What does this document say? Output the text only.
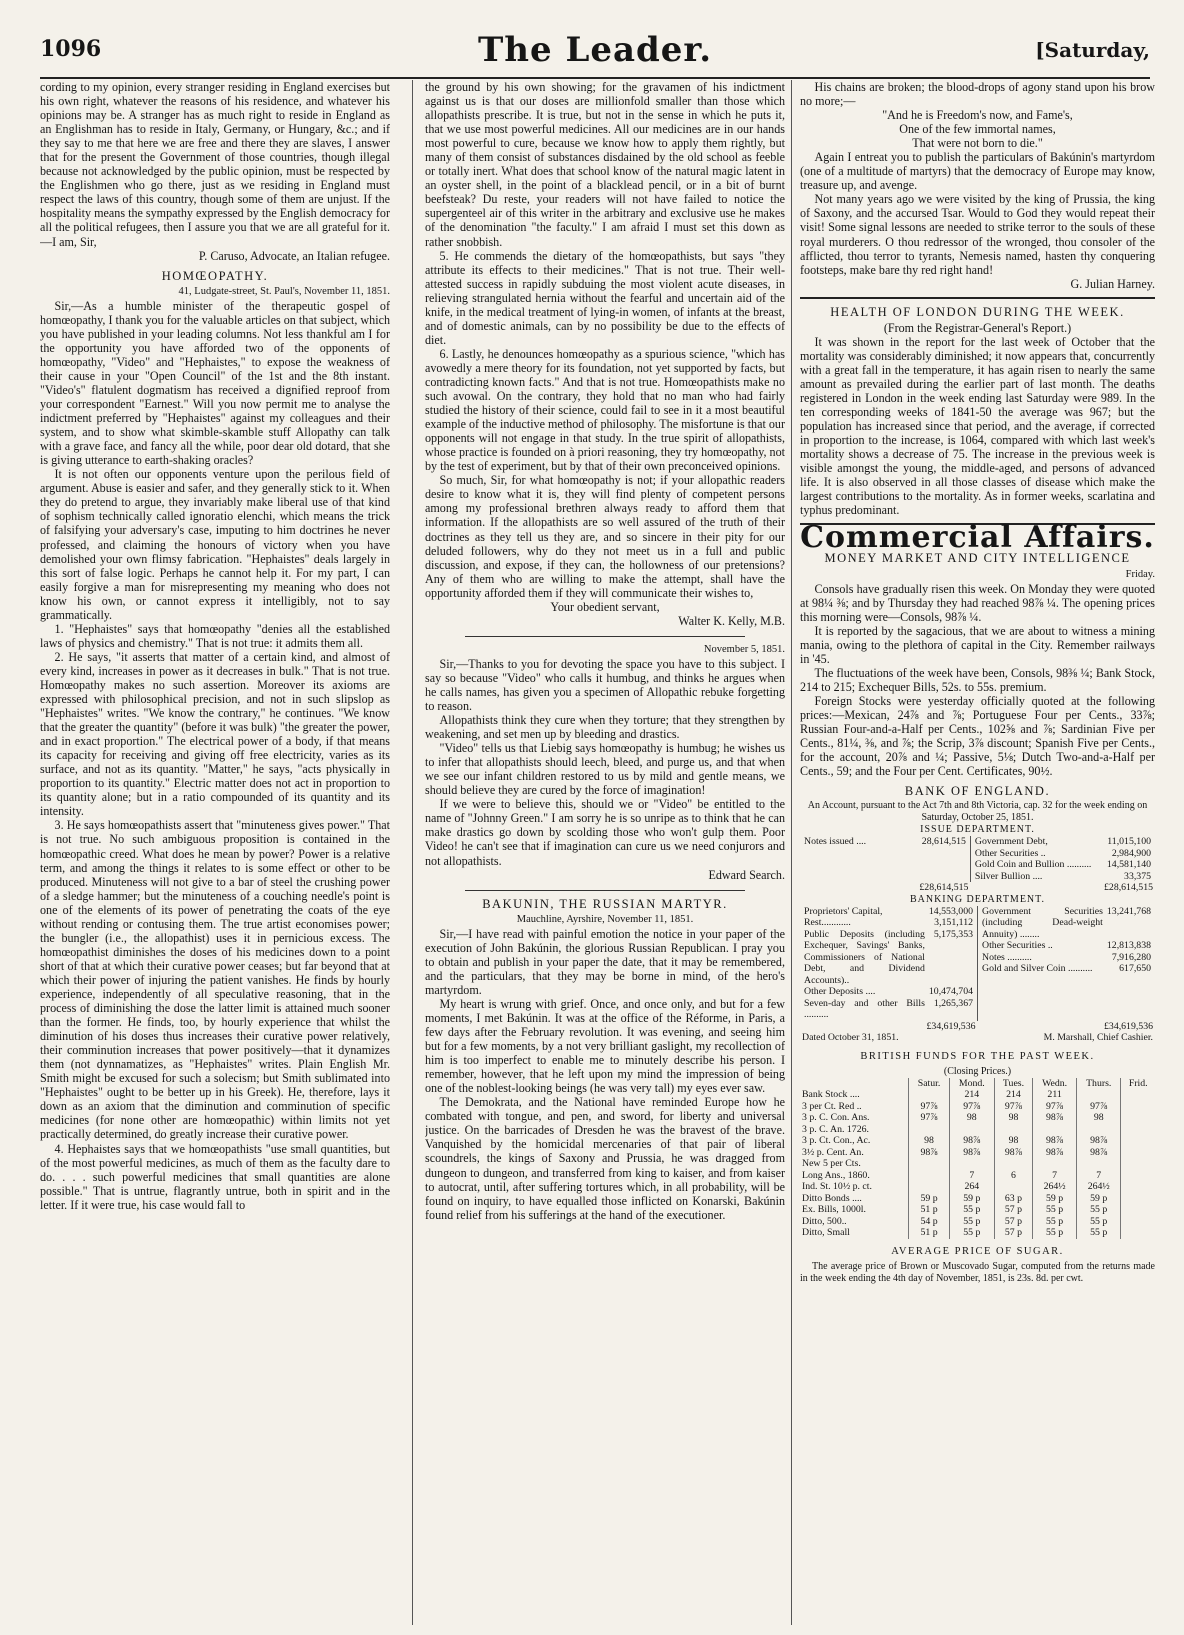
1096	The Leader.	[Saturday,

cording to my opinion, every stranger residing in England exercises but his own right, whatever the reasons of his residence, and whatever his opinions may be. A stranger has as much right to reside in England as an Englishman has to reside in Italy, Germany, or Hungary, &c.; and if they say to me that here we are free and there they are slaves, I answer that for the present the Government of those countries, though illegal because not acknowledged by the public opinion, must be respected by the Englishmen who go there, just as we residing in England must respect the laws of this country, though some of them are unjust. If the hospitality means the sympathy expressed by the English democracy for all the political refugees, then I assure you that we are all grateful for it.—I am, Sir,

P. Caruso, Advocate, an Italian refugee.

HOMŒOPATHY.
41, Ludgate-street, St. Paul's, November 11, 1851.

Sir,—As a humble minister of the therapeutic gospel of homœopathy, I thank you for the valuable articles on that subject, which you have published in your leading columns. Not less thankful am I for the opportunity you have afforded two of the opponents of homœopathy, "Video" and "Hephaistes," to expose the weakness of their cause in your "Open Council" of the 1st and the 8th instant. "Video's" flatulent dogmatism has received a dignified reproof from your correspondent "Earnest." Will you now permit me to analyse the indictment preferred by "Hephaistes" against my colleagues and their system, and to show what skimble-skamble stuff Allopathy can talk with a grave face, and fancy all the while, poor dear old dotard, that she is giving utterance to earth-shaking oracles?

It is not often our opponents venture upon the perilous field of argument. Abuse is easier and safer, and they generally stick to it. When they do pretend to argue, they invariably make liberal use of that kind of sophism technically called ignoratio elenchi, which means the trick of falsifying your adversary's case, imputing to him doctrines he never professed, and claiming the honours of victory when you have demolished your own flimsy fabrication. "Hephaistes" deals largely in this sort of false logic. Perhaps he cannot help it. For my part, I can easily forgive a man for misrepresenting my meaning who does not know his own, or cannot express it intelligibly, not to say grammatically.

1. "Hephaistes" says that homœopathy "denies all the established laws of physics and chemistry." That is not true: it admits them all.

2. He says, "it asserts that matter of a certain kind, and almost of every kind, increases in power as it decreases in bulk." That is not true. Homœopathy makes no such assertion. Moreover its axioms are expressed with philosophical precision, and not in such slipslop as "Hephaistes" writes. "We know the contrary," he continues. "We know that the greater the quantity" (before it was bulk) "the greater the power, and in exact proportion." The electrical power of a body, if that means its capacity for receiving and giving off free electricity, varies as its surface, and not as its quantity. "Matter," he says, "acts physically in proportion to its quantity." Electric matter does not act in proportion to its quantity alone; but in a ratio compounded of its quantity and its intensity.

3. He says homœopathists assert that "minuteness gives power." That is not true. No such ambiguous proposition is contained in the homœopathic creed. What does he mean by power? Power is a relative term, and among the things it relates to is some effect or other to be produced. Minuteness will not give to a bar of steel the crushing power of a sledge hammer; but the minuteness of a couching needle's point is one of the elements of its power of penetrating the coats of the eye without rending or contusing them. The true artist economises power; the bungler (i.e., the allopathist) uses it in pernicious excess. The homœopathist diminishes the doses of his medicines down to a point short of that at which their curative power ceases; but far beyond that at which their power of injuring the patient vanishes. He finds by hourly experience, independently of all speculative reasoning, that in the process of diminishing the dose the latter limit is attained much sooner than the former. He finds, too, by hourly experience that whilst the diminution of his doses thus increases their curative power relatively, their comminution increases that power positively—that it dynamizes them (not dynnamatizes, as "Hephaistes" writes. Plain English Mr. Smith might be excused for such a solecism; but Smith sublimated into "Hephaistes" ought to be better up in his Greek). He, therefore, lays it down as an axiom that the diminution and comminution of specific medicines (for none other are homœopathic) within limits not yet practically determined, do greatly increase their curative power.

4. Hephaistes says that we homœopathists "use small quantities, but of the most powerful medicines, as much of them as the faculty dare to do. . . . such powerful medicines that small quantities are alone possible." That is untrue, flagrantly untrue, both in spirit and in the letter. If it were true, his case would fall to

the ground by his own showing; for the gravamen of his indictment against us is that our doses are millionfold smaller than those which allopathists prescribe. It is true, but not in the sense in which he puts it, that we use most powerful medicines. All our medicines are in our hands most powerful to cure, because we know how to apply them rightly, but many of them consist of substances disdained by the old school as feeble or totally inert. What does that school know of the natural magic latent in an oyster shell, in the point of a blacklead pencil, or in a bit of burnt beefsteak? Du reste, your readers will not have failed to notice the supergenteel air of this writer in the arbitrary and exclusive use he makes of the denomination "the faculty." I am afraid I must set this down as rather snobbish.

5. He commends the dietary of the homœopathists, but says "they attribute its effects to their medicines." That is not true. Their well-attested success in rapidly subduing the most violent acute diseases, in relieving strangulated hernia without the fearful and uncertain aid of the knife, in the medical treatment of lying-in women, of infants at the breast, and of domestic animals, can by no possibility be due to the effects of diet.

6. Lastly, he denounces homœopathy as a spurious science, "which has avowedly a mere theory for its foundation, not yet supported by facts, but contradicting known facts." And that is not true. Homœopathists make no such avowal. On the contrary, they hold that no man who had fairly studied the history of their science, could fail to see in it a most beautiful example of the inductive method of philosophy. The misfortune is that our opponents will not engage in that study. In the true spirit of allopathists, whose practice is founded on à priori reasoning, they try homœopathy, not by the test of experiment, but by that of their own preconceived opinions.

So much, Sir, for what homœopathy is not; if your allopathic readers desire to know what it is, they will find plenty of competent persons among my professional brethren always ready to afford them that information. If the allopathists are so well assured of the truth of their doctrines as they tell us they are, and so sincere in their pity for our deluded followers, why do they not meet us in a full and public discussion, and expose, if they can, the hollowness of our pretensions? Any of them who are willing to make the attempt, shall have the opportunity afforded them if they will communicate their wishes to,

Your obedient servant,

Walter K. Kelly, M.B.

November 5, 1851.

Sir,—Thanks to you for devoting the space you have to this subject. I say so because "Video" who calls it humbug, and thinks he argues when he calls names, has given you a specimen of Allopathic rebuke forgetting to reason.

Allopathists think they cure when they torture; that they strengthen by weakening, and set men up by bleeding and drastics.

"Video" tells us that Liebig says homœopathy is humbug; he wishes us to infer that allopathists should leech, bleed, and purge us, and that when we see our infant children restored to us by mild and gentle means, we should believe they are cured by the force of imagination!

If we were to believe this, should we or "Video" be entitled to the name of "Johnny Green." I am sorry he is so unripe as to think that he can make drastics go down by scolding those who won't gulp them. Poor Video! he can't see that if imagination can cure us we need conjurors and not allopathists.

Edward Search.

BAKUNIN, THE RUSSIAN MARTYR.
Mauchline, Ayrshire, November 11, 1851.

Sir,—I have read with painful emotion the notice in your paper of the execution of John Bakúnin, the glorious Russian Republican. I pray you to obtain and publish in your paper the date, that it may be remembered, and the particulars, that they may be borne in mind, of the hero's martyrdom.

My heart is wrung with grief. Once, and once only, and but for a few moments, I met Bakúnin. It was at the office of the Réforme, in Paris, a few days after the February revolution. It was evening, and seeing him but for a few moments, by a not very brilliant gaslight, my recollection of him is too imperfect to enable me to minutely describe his person. I remember, however, that he left upon my mind the impression of being one of the noblest-looking beings (he was very tall) my eyes ever saw.

The Demokrata, and the National have reminded Europe how he combated with tongue, and pen, and sword, for liberty and universal justice. On the barricades of Dresden he was the bravest of the brave. Vanquished by the homicidal mercenaries of that pair of liberal scoundrels, the kings of Saxony and Prussia, he was dragged from dungeon to dungeon, and transferred from king to kaiser, and from kaiser to autocrat, until, after suffering tortures which, in all probability, will be found on inquiry, to have equalled those inflicted on Konarski, Bakúnin found relief from his sufferings at the hand of the executioner.

His chains are broken; the blood-drops of agony stand upon his brow no more;—

"And he is Freedom's now, and Fame's,

One of the few immortal names,

That were not born to die."

Again I entreat you to publish the particulars of Bakúnin's martyrdom (one of a multitude of martyrs) that the democracy of Europe may know, treasure up, and avenge.

Not many years ago we were visited by the king of Prussia, the king of Saxony, and the accursed Tsar. Would to God they would repeat their visit! Some signal lessons are needed to strike terror to the souls of these royal murderers. O thou redressor of the wronged, thou consoler of the afflicted, thou terror to tyrants, Nemesis named, hasten thy conquering footsteps, make bare thy red right hand!

G. Julian Harney.

HEALTH OF LONDON DURING THE WEEK.

(From the Registrar-General's Report.)

It was shown in the report for the last week of October that the mortality was considerably diminished; it now appears that, concurrently with a great fall in the temperature, it has again risen to nearly the same amount as prevailed during the earlier part of last month. The deaths registered in London in the week ending last Saturday were 989. In the ten corresponding weeks of 1841-50 the average was 967; but the population has increased since that period, and the average, if corrected in proportion to the increase, is 1064, compared with which last week's mortality shows a decrease of 75. The increase in the previous week is visible amongst the young, the middle-aged, and persons of advanced life. It is also observed in all those classes of disease which make the largest contributions to the mortality. As in former weeks, scarlatina and typhus predominant.

Commercial Affairs.
MONEY MARKET AND CITY INTELLIGENCE
Friday.

Consols have gradually risen this week. On Monday they were quoted at 98¼ ⅜; and by Thursday they had reached 98⅞ ¼. The opening prices this morning were—Consols, 98⅞ ¼.

It is reported by the sagacious, that we are about to witness a mining mania, owing to the plethora of capital in the City. Remember railways in '45.

The fluctuations of the week have been, Consols, 98⅜ ¼; Bank Stock, 214 to 215; Exchequer Bills, 52s. to 55s. premium.

Foreign Stocks were yesterday officially quoted at the following prices:—Mexican, 24⅞ and ⅞; Portuguese Four per Cents., 33⅞; Russian Four-and-a-Half per Cents., 102⅝ and ⅞; Sardinian Five per Cents., 81¼, ⅜, and ⅞; the Scrip, 3⅞ discount; Spanish Five per Cents., for the account, 20⅞ and ¼; Passive, 5⅛; Dutch Two-and-a-Half per Cents., 59; and the Four per Cent. Certificates, 90½.

BANK OF ENGLAND.

An Account, pursuant to the Act 7th and 8th Victoria, cap. 32 for the week ending on Saturday, October 25, 1851.

ISSUE DEPARTMENT.

Notes issued ....	28,614,515
	Government Debt,	11,015,100
Other Securities ..	2,984,900
Gold Coin and Bullion ..........	14,581,140
Silver Bullion ....	33,375

£28,614,515	£28,614,515

BANKING DEPARTMENT.

Proprietors' Capital,	14,553,000
Rest............	3,151,112
Public Deposits (including Exchequer, Savings' Banks, Commissioners of National Debt, and Dividend Accounts)..	5,175,353
Other Deposits ....	10,474,704
Seven-day and other Bills ..........	1,265,367

Government Securities (including Dead-weight Annuity) ........	13,241,768
Other Securities ..	12,813,838
Notes ..........	7,916,280
Gold and Silver Coin ..........	617,650

£34,619,536	£34,619,536
Dated October 31, 1851.	M. Marshall, Chief Cashier.
BRITISH FUNDS FOR THE PAST WEEK.

(Closing Prices.)

	Satur.	Mond.	Tues.	Wedn.	Thurs.	Frid.
Bank Stock ....		214	214	211		
3 per Ct. Red ..	97⅞	97⅞	97⅞	97⅞	97⅞	
3 p. C. Con. Ans.	97⅞	98	98	98⅞	98	
3 p. C. An. 1726.						
3 p. Ct. Con., Ac.	98	98⅞	98	98⅞	98⅞	
3½ p. Cent. An.	98⅞	98⅞	98⅞	98⅞	98⅞	
New 5 per Cts.						
Long Ans., 1860.		7	6	7	7	
Ind. St. 10½ p. ct.		264		264½	264½	
Ditto Bonds ....	59 p	59 p	63 p	59 p	59 p	
Ex. Bills, 1000l.	51 p	55 p	57 p	55 p	55 p	
Ditto, 500..	54 p	55 p	57 p	55 p	55 p	
Ditto, Small	51 p	55 p	57 p	55 p	55 p	
AVERAGE PRICE OF SUGAR.

The average price of Brown or Muscovado Sugar, computed from the returns made in the week ending the 4th day of November, 1851, is 23s. 8d. per cwt.
